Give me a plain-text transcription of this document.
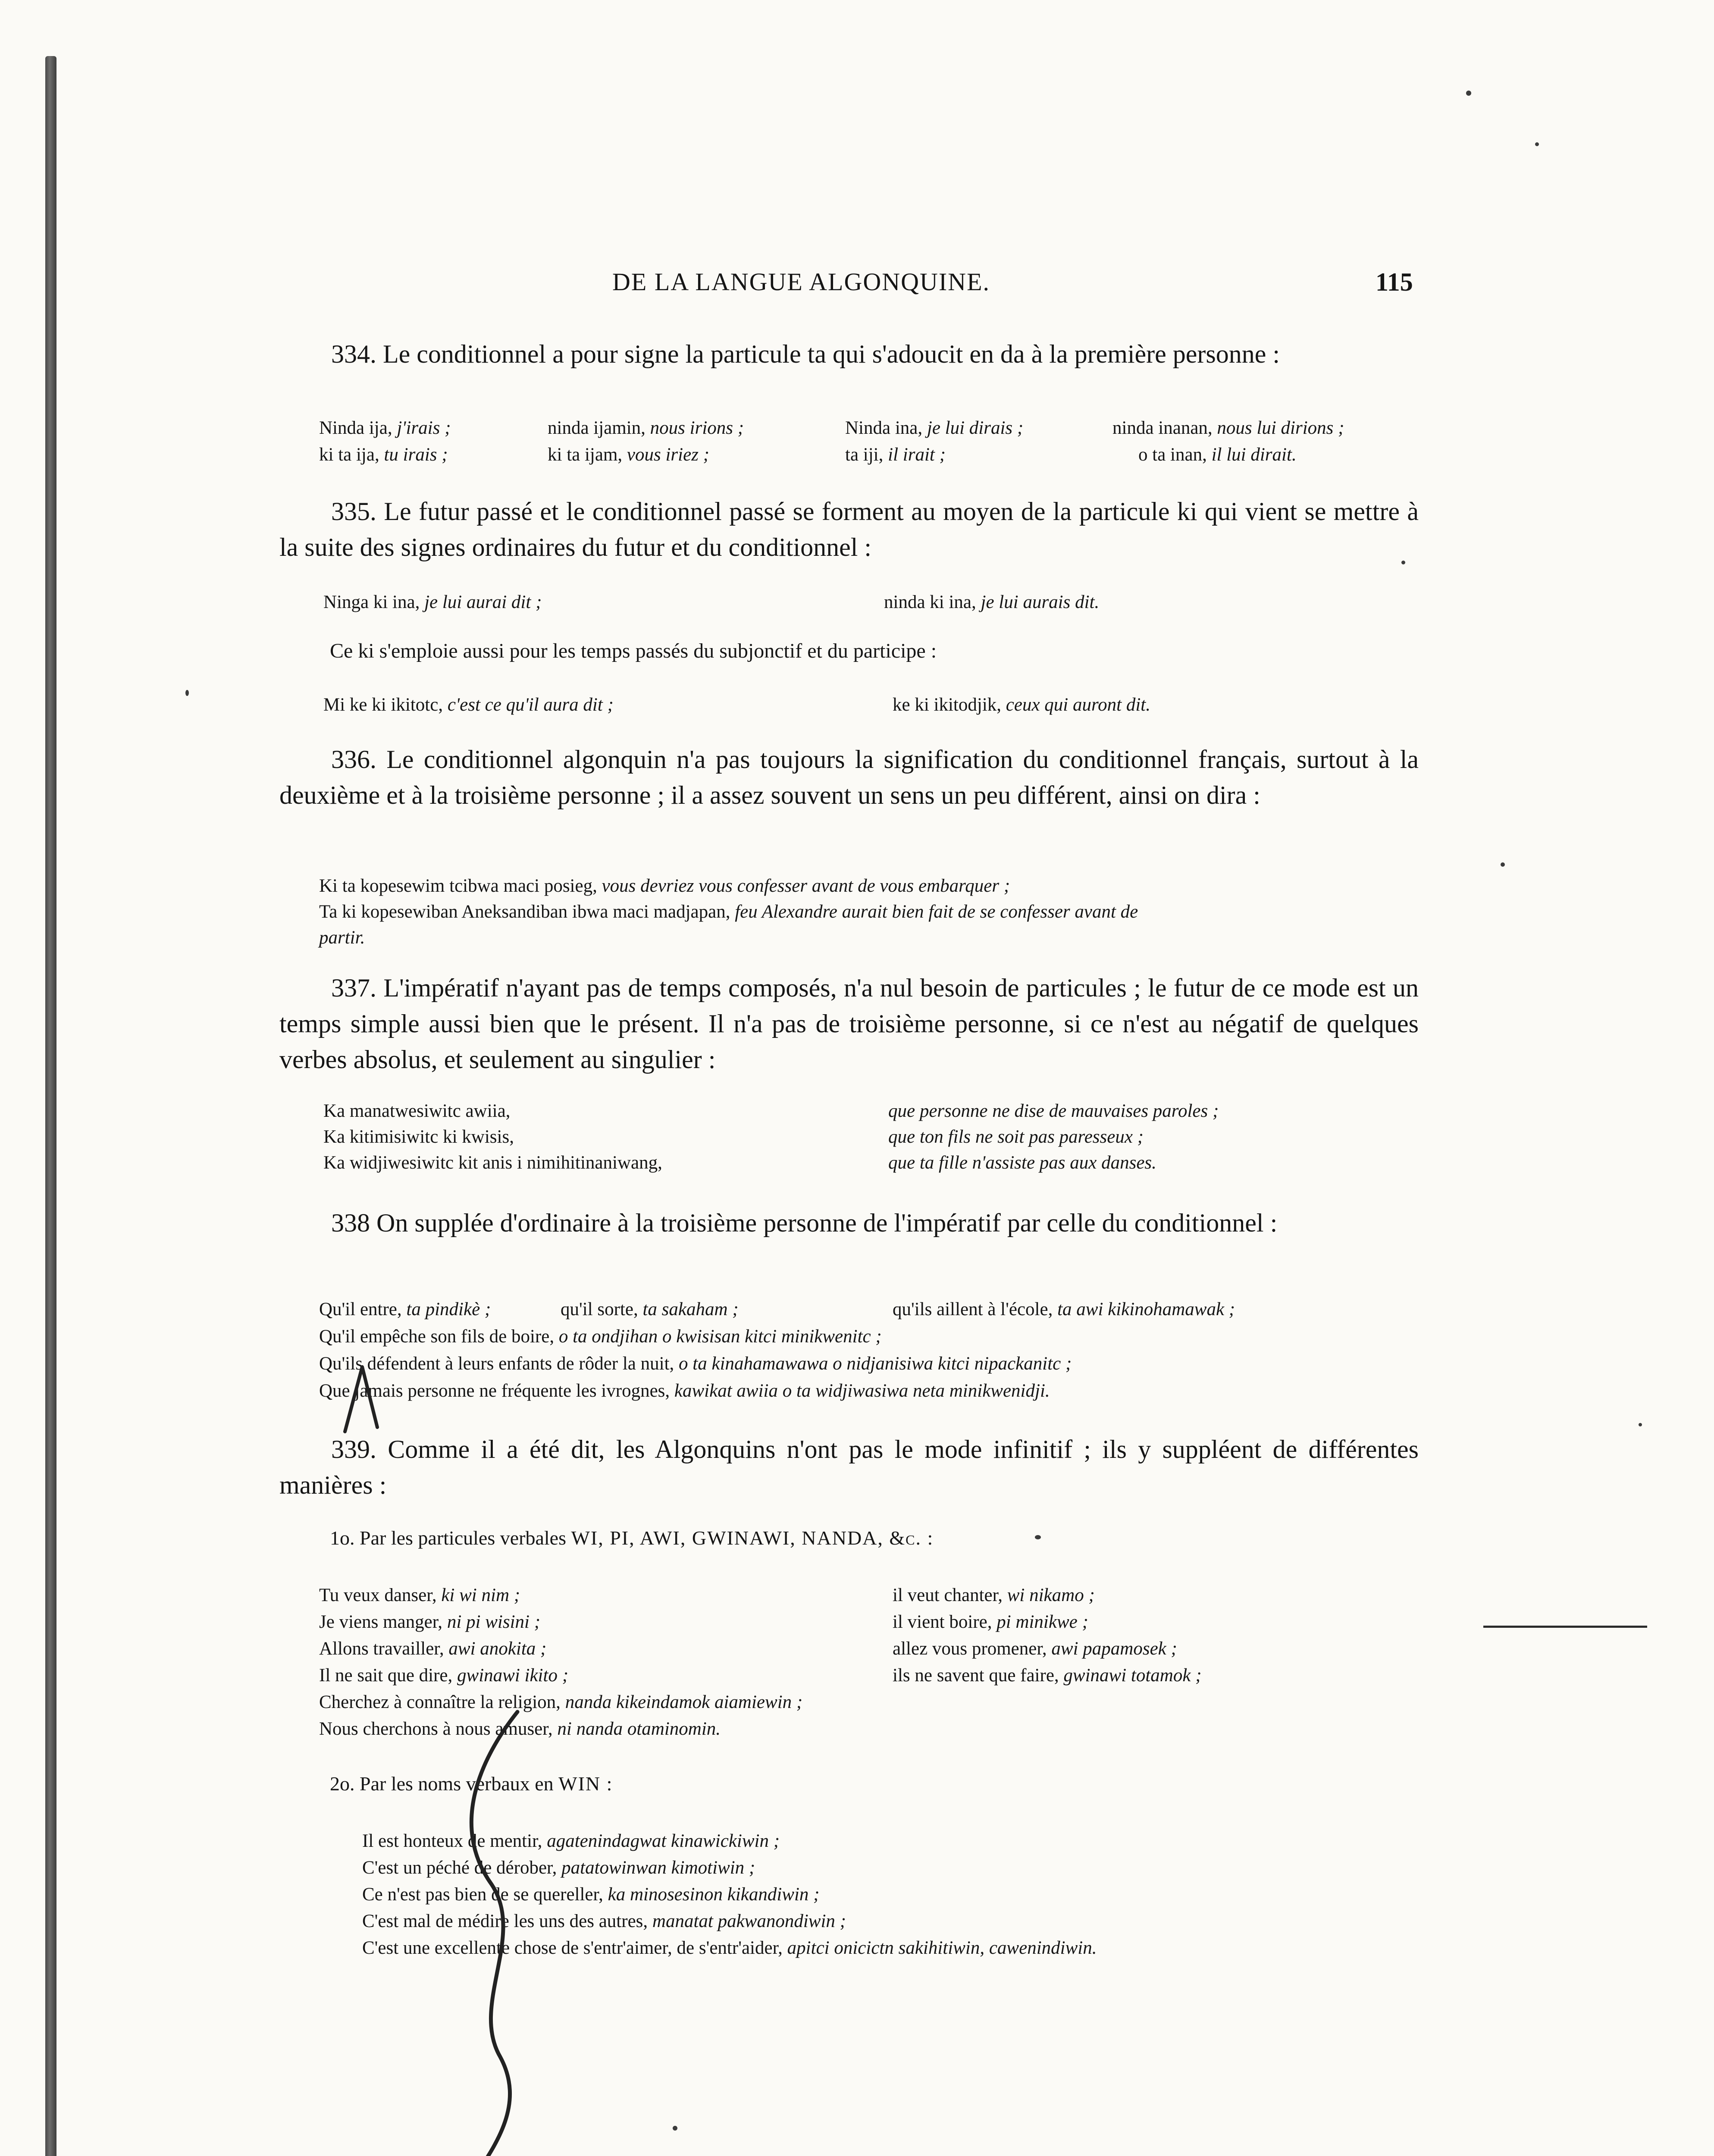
DE LA LANGUE ALGONQUINE.	115
334. Le conditionnel a pour signe la particule ta qui s'adoucit en da à la première personne :
Ninda ija, j'irais ;	ninda ijamin, nous irions ;	Ninda ina, je lui dirais ;	ninda inanan, nous lui dirions ;
ki ta ija, tu irais ;	ki ta ijam, vous iriez ;	ta iji, il irait ;	o ta inan, il lui dirait.
335. Le futur passé et le conditionnel passé se forment au moyen de la particule ki qui vient se mettre à la suite des signes ordinaires du futur et du conditionnel :
Ninga ki ina, je lui aurai dit ;	ninda ki ina, je lui aurais dit.
Ce ki s'emploie aussi pour les temps passés du subjonctif et du participe :
Mi ke ki ikitotc, c'est ce qu'il aura dit ;	ke ki ikitodjik, ceux qui auront dit.
336. Le conditionnel algonquin n'a pas toujours la signification du conditionnel français, surtout à la deuxième et à la troisième personne ; il a assez souvent un sens un peu différent, ainsi on dira :
Ki ta kopesewim tcibwa maci posieg, vous devriez vous confesser avant de vous embarquer ;
Ta ki kopesewiban Aneksandiban ibwa maci madjapan, feu Alexandre aurait bien fait de se confesser avant de
partir.
337. L'impératif n'ayant pas de temps composés, n'a nul besoin de particules ; le futur de ce mode est un temps simple aussi bien que le présent. Il n'a pas de troisième personne, si ce n'est au négatif de quelques verbes absolus, et seulement au singulier :
Ka manatwesiwitc awiia,	que personne ne dise de mauvaises paroles ;
Ka kitimisiwitc ki kwisis,	que ton fils ne soit pas paresseux ;
Ka widjiwesiwitc kit anis i nimihitinaniwang,	que ta fille n'assiste pas aux danses.
338 On supplée d'ordinaire à la troisième personne de l'impératif par celle du conditionnel :
Qu'il entre, ta pindikè ;	qu'il sorte, ta sakaham ;	qu'ils aillent à l'école, ta awi kikinohamawak ;
Qu'il empêche son fils de boire, o ta ondjihan o kwisisan kitci minikwenitc ;
Qu'ils défendent à leurs enfants de rôder la nuit, o ta kinahamawawa o nidjanisiwa kitci nipackanitc ;
Que jamais personne ne fréquente les ivrognes, kawikat awiia o ta widjiwasiwa neta minikwenidji.
339. Comme il a été dit, les Algonquins n'ont pas le mode infinitif ; ils y suppléent de différentes manières :
1o. Par les particules verbales WI, PI, AWI, GWINAWI, NANDA, &c. :
Tu veux danser, ki wi nim ;	il veut chanter, wi nikamo ;
Je viens manger, ni pi wisini ;	il vient boire, pi minikwe ;
Allons travailler, awi anokita ;	allez vous promener, awi papamosek ;
Il ne sait que dire, gwinawi ikito ;	ils ne savent que faire, gwinawi totamok ;
Cherchez à connaître la religion, nanda kikeindamok aiamiewin ;
Nous cherchons à nous amuser, ni nanda otaminomin.
2o. Par les noms verbaux en WIN :
Il est honteux de mentir, agatenindagwat kinawickiwin ;
C'est un péché de dérober, patatowinwan kimotiwin ;
Ce n'est pas bien de se quereller, ka minosesinon kikandiwin ;
C'est mal de médire les uns des autres, manatat pakwanondiwin ;
C'est une excellente chose de s'entr'aimer, de s'entr'aider, apitci onicictn sakihitiwin, cawenindiwin.
